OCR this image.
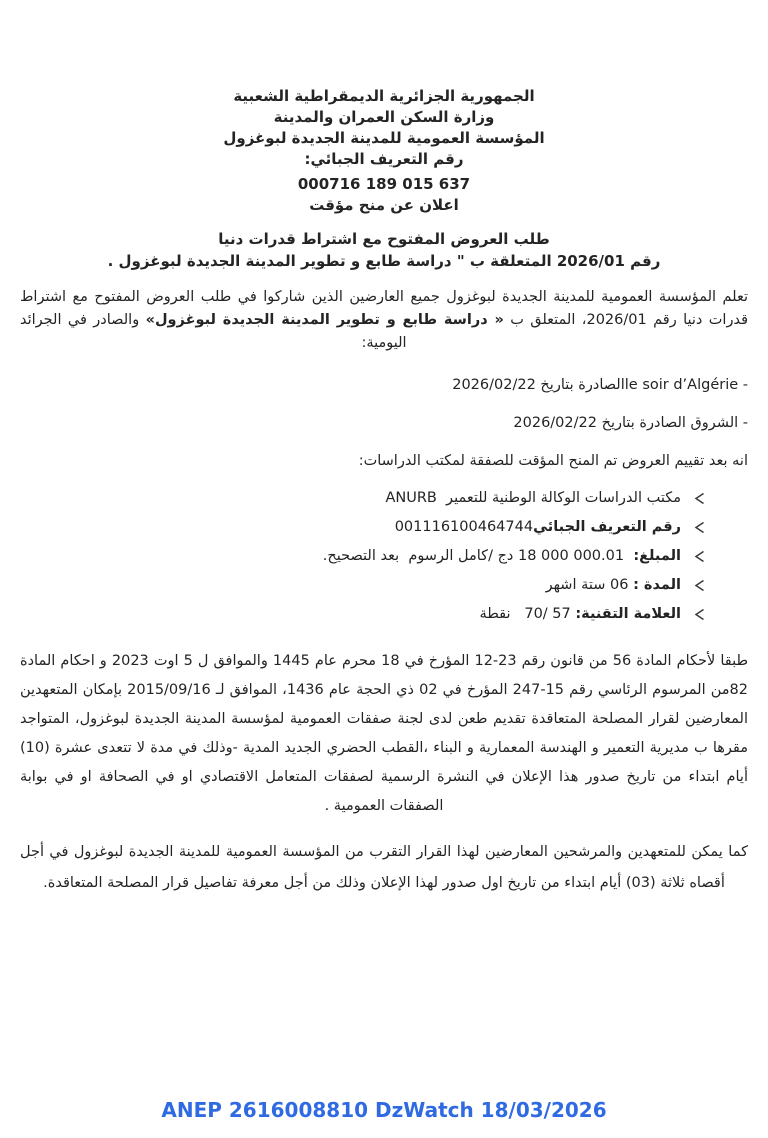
الجمهورية الجزائرية الديمقراطية الشعبية
وزارة السكن العمران والمدينة
المؤسسة العمومية للمدينة الجديدة لبوغزول
رقم التعريف الجبائي:
000716 189 015 637
اعلان عن منح مؤقت
طلب العروض المفتوح مع اشتراط قدرات دنيا
رقم 2026/01 المتعلقة ب " دراسة طابع و تطوير المدينة الجديدة لبوغزول .
تعلم المؤسسة العمومية للمدينة الجديدة لبوغزول جميع العارضين الذين شاركوا في طلب العروض المفتوح مع اشتراط قدرات دنيا رقم 2026/01، المتعلق ب « دراسة طابع و تطوير المدينة الجديدة لبوغزول» والصادر في الجرائد اليومية:
- le soir d’Algérieالصادرة بتاريخ 2026/02/22
- الشروق الصادرة بتاريخ 2026/02/22
انه بعد تقييم العروض تم المنح المؤقت للصفقة لمكتب الدراسات:
مكتب الدراسات الوكالة الوطنية للتعمير  ANURB
رقم التعريف الجبائي001116100464744
المبلغ:  ‪18 000 000.01‬ دج /كامل الرسوم  بعد التصحيح.
المدة : 06 ستة اشهر
العلامة التقنية: 57 /70   نقطة
طبقا لأحكام المادة 56 من قانون رقم 23-12 المؤرخ في 18 محرم عام 1445 والموافق ل 5 اوت 2023 و احكام المادة 82من المرسوم الرئاسي رقم 15-247 المؤرخ في 02 ذي الحجة عام 1436، الموافق لـ 2015/09/16 بإمكان المتعهدين المعارضين لقرار المصلحة المتعاقدة تقديم طعن لدى لجنة صفقات العمومية لمؤسسة المدينة الجديدة لبوغزول، المتواجد مقرها ب مديرية التعمير و الهندسة المعمارية و البناء ،القطب الحضري الجديد المدية -وذلك في مدة لا تتعدى عشرة (10) أيام ابتداء من تاريخ صدور هذا الإعلان في النشرة الرسمية لصفقات المتعامل الاقتصادي او في الصحافة او في بوابة الصفقات العمومية .
كما يمكن للمتعهدين والمرشحين المعارضين لهذا القرار التقرب من المؤسسة العمومية للمدينة الجديدة لبوغزول في أجل أقصاه ثلاثة (03) أيام ابتداء من تاريخ اول صدور لهذا الإعلان وذلك من أجل معرفة تفاصيل قرار المصلحة المتعاقدة.
ANEP 2616008810 DzWatch 18/03/2026
